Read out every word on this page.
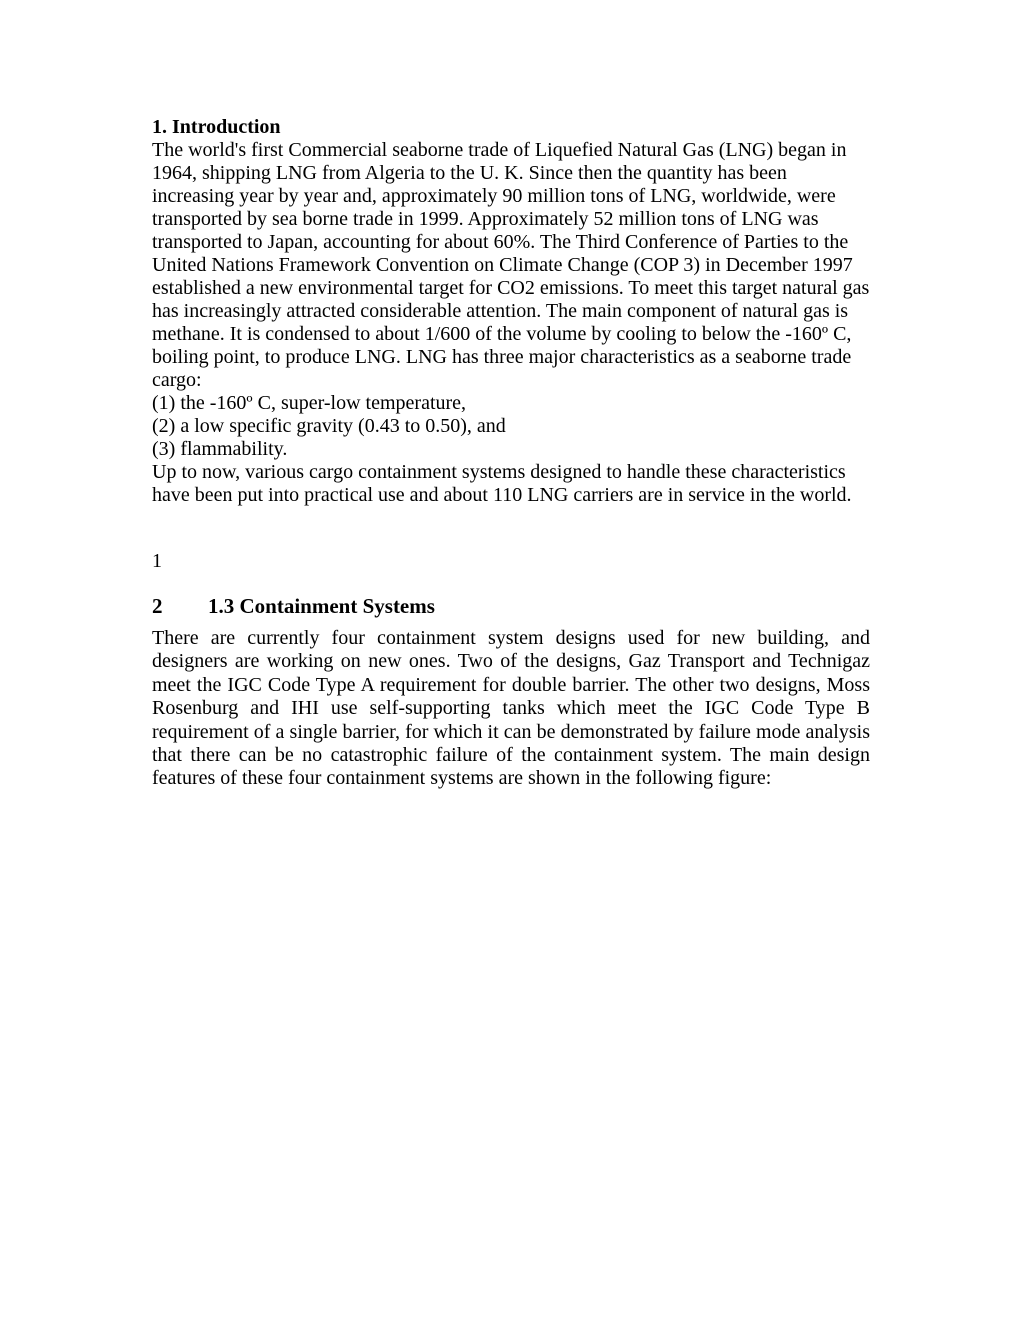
1. Introduction

The world's first Commercial seaborne trade of Liquefied Natural Gas (LNG) began in 1964, shipping LNG from Algeria to the U. K. Since then the quantity has been increasing year by year and, approximately 90 million tons of LNG, worldwide, were transported by sea borne trade in 1999. Approximately 52 million tons of LNG was transported to Japan, accounting for about 60%. The Third Conference of Parties to the United Nations Framework Convention on Climate Change (COP 3) in December 1997 established a new environmental target for CO2 emissions. To meet this target natural gas has increasingly attracted considerable attention. The main component of natural gas is methane. It is condensed to about 1/600 of the volume by cooling to below the -160º C, boiling point, to produce LNG. LNG has three major characteristics as a seaborne trade cargo:

(1) the -160º C, super-low temperature,

(2) a low specific gravity (0.43 to 0.50), and

(3) flammability.

Up to now, various cargo containment systems designed to handle these characteristics have been put into practical use and about 110 LNG carriers are in service in the world.

1

2 1.3 Containment Systems

There are currently four containment system designs used for new building, and designers are working on new ones. Two of the designs, Gaz Transport and Technigaz meet the IGC Code Type A requirement for double barrier. The other two designs, Moss Rosenburg and IHI use self-supporting tanks which meet the IGC Code Type B requirement of a single barrier, for which it can be demonstrated by failure mode analysis that there can be no catastrophic failure of the containment system. The main design features of these four containment systems are shown in the following figure:
